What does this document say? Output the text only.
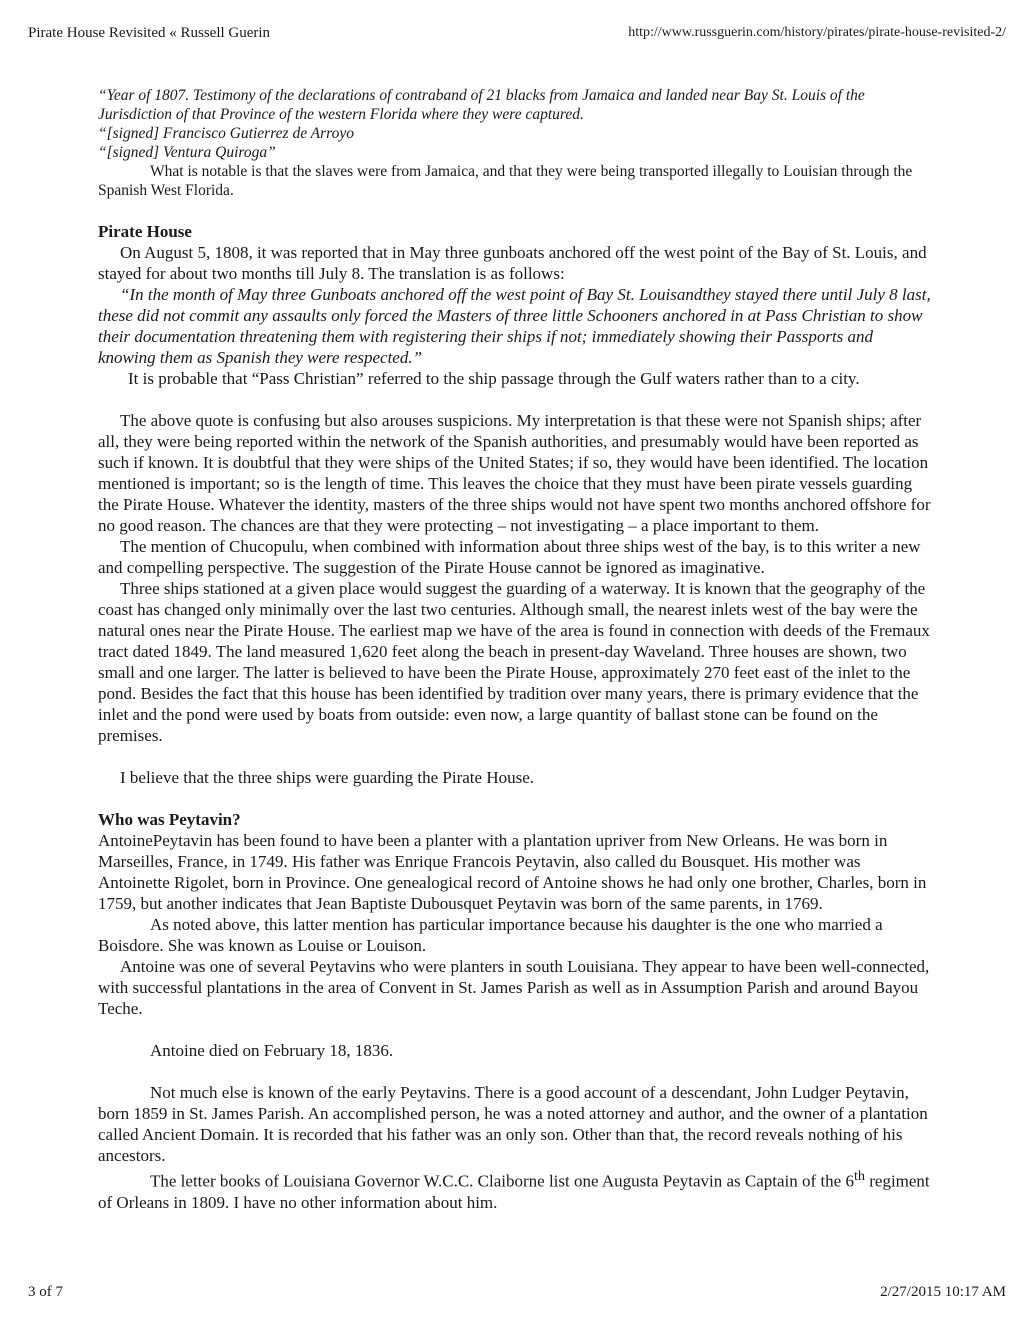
Pirate House Revisited « Russell Guerin	http://www.russguerin.com/history/pirates/pirate-house-revisited-2/

“Year of 1807. Testimony of the declarations of contraband of 21 blacks from Jamaica and landed near Bay St. Louis of the Jurisdiction of that Province of the western Florida where they were captured.

“[signed] Francisco Gutierrez de Arroyo

“[signed] Ventura Quiroga”

What is notable is that the slaves were from Jamaica, and that they were being transported illegally to Louisian through the Spanish West Florida.

Pirate House

On August 5, 1808, it was reported that in May three gunboats anchored off the west point of the Bay of St. Louis, and stayed for about two months till July 8. The translation is as follows:

“In the month of May three Gunboats anchored off the west point of Bay St. Louisandthey stayed there until July 8 last, these did not commit any assaults only forced the Masters of three little Schooners anchored in at Pass Christian to show their documentation threatening them with registering their ships if not; immediately showing their Passports and knowing them as Spanish they were respected.”

It is probable that “Pass Christian” referred to the ship passage through the Gulf waters rather than to a city.

The above quote is confusing but also arouses suspicions. My interpretation is that these were not Spanish ships; after all, they were being reported within the network of the Spanish authorities, and presumably would have been reported as such if known. It is doubtful that they were ships of the United States; if so, they would have been identified. The location mentioned is important; so is the length of time. This leaves the choice that they must have been pirate vessels guarding the Pirate House. Whatever the identity, masters of the three ships would not have spent two months anchored offshore for no good reason. The chances are that they were protecting – not investigating – a place important to them.

The mention of Chucopulu, when combined with information about three ships west of the bay, is to this writer a new and compelling perspective. The suggestion of the Pirate House cannot be ignored as imaginative.

Three ships stationed at a given place would suggest the guarding of a waterway. It is known that the geography of the coast has changed only minimally over the last two centuries. Although small, the nearest inlets west of the bay were the natural ones near the Pirate House. The earliest map we have of the area is found in connection with deeds of the Fremaux tract dated 1849. The land measured 1,620 feet along the beach in present-day Waveland. Three houses are shown, two small and one larger. The latter is believed to have been the Pirate House, approximately 270 feet east of the inlet to the pond. Besides the fact that this house has been identified by tradition over many years, there is primary evidence that the inlet and the pond were used by boats from outside: even now, a large quantity of ballast stone can be found on the premises.

I believe that the three ships were guarding the Pirate House.

Who was Peytavin?

AntoinePeytavin has been found to have been a planter with a plantation upriver from New Orleans. He was born in Marseilles, France, in 1749. His father was Enrique Francois Peytavin, also called du Bousquet. His mother was Antoinette Rigolet, born in Province. One genealogical record of Antoine shows he had only one brother, Charles, born in 1759, but another indicates that Jean Baptiste Dubousquet Peytavin was born of the same parents, in 1769.

As noted above, this latter mention has particular importance because his daughter is the one who married a Boisdore. She was known as Louise or Louison.

Antoine was one of several Peytavins who were planters in south Louisiana. They appear to have been well-connected, with successful plantations in the area of Convent in St. James Parish as well as in Assumption Parish and around Bayou Teche.

Antoine died on February 18, 1836.

Not much else is known of the early Peytavins. There is a good account of a descendant, John Ludger Peytavin, born 1859 in St. James Parish. An accomplished person, he was a noted attorney and author, and the owner of a plantation called Ancient Domain. It is recorded that his father was an only son. Other than that, the record reveals nothing of his ancestors.

The letter books of Louisiana Governor W.C.C. Claiborne list one Augusta Peytavin as Captain of the 6th regiment of Orleans in 1809. I have no other information about him.

3 of 7	2/27/2015 10:17 AM
